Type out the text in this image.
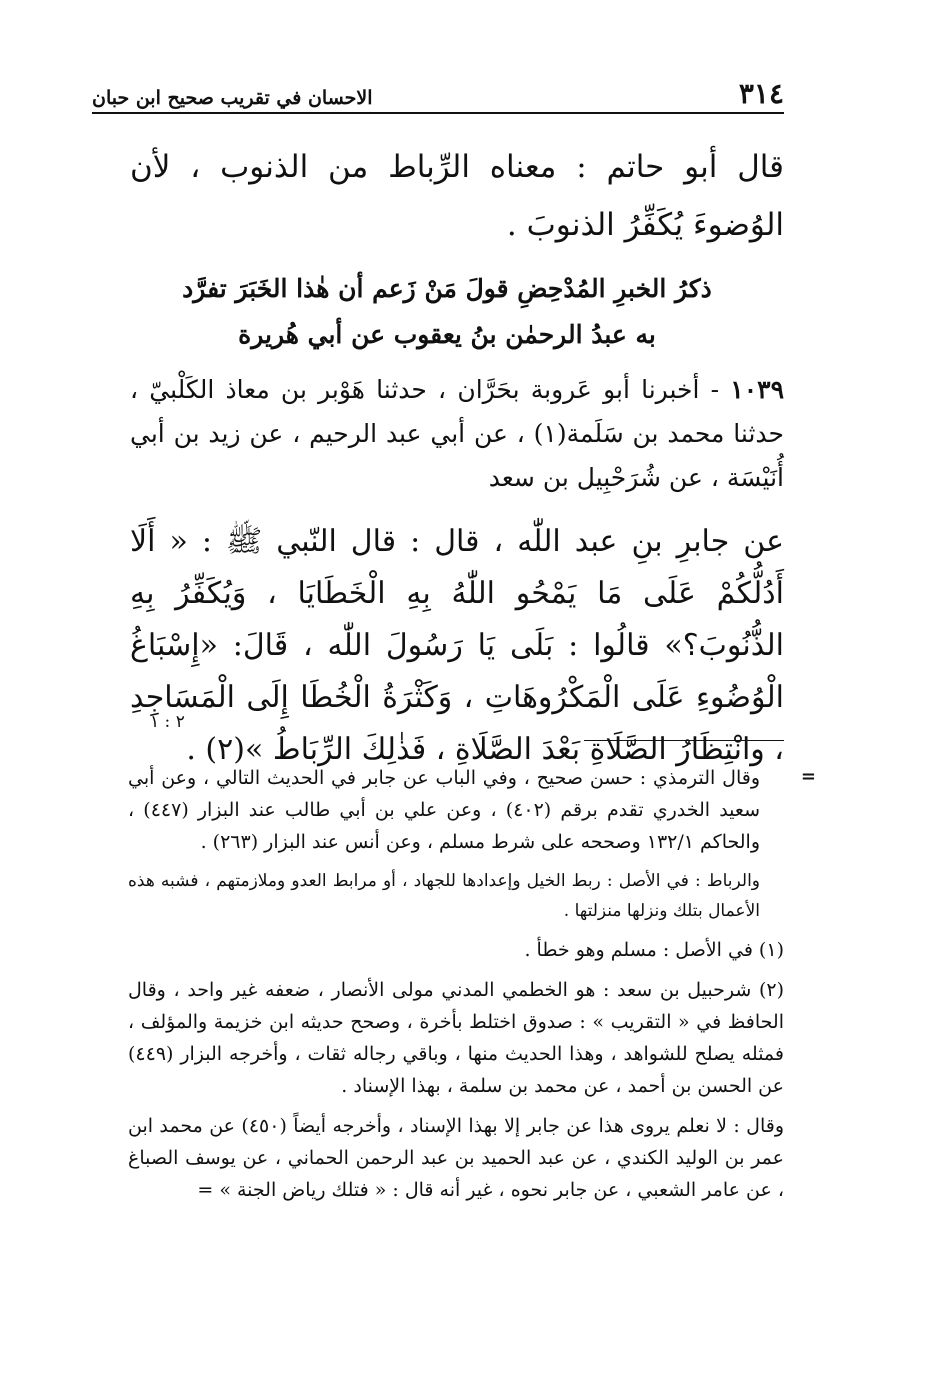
٣١٤
الاحسان في تقريب صحيح ابن حبان
قال أبو حاتم : معناه الرِّباط من الذنوب ، لأن الوُضوءَ يُكَفِّرُ الذنوبَ .
ذكرُ الخبرِ المُدْحِضِ قولَ مَنْ زَعم أن هٰذا الخَبَرَ تفرَّد
به عبدُ الرحمٰن بنُ يعقوب عن أبي هُريرة
١٠٣٩ - أخبرنا أبو عَروبة بحَرَّان ، حدثنا هَوْبر بن معاذ الكَلْبيّ ، حدثنا محمد بن سَلَمة(١) ، عن أبي عبد الرحيم ، عن زيد بن أبي أُنَيْسَة ، عن شُرَحْبِيل بن سعد
عن جابرِ بنِ عبد اللّٰه ، قال : قال النّبي ﷺ : « أَلَا أَدُلُّكُمْ عَلَى مَا يَمْحُو اللّٰهُ بِهِ الْخَطَايَا ، وَيُكَفِّرُ بِهِ الذُّنُوبَ؟» قالُوا : بَلَى يَا رَسُولَ اللّٰه ، قَالَ: «إِسْبَاغُ الْوُضُوءِ عَلَى الْمَكْرُوهَاتِ ، وَكَثْرَةُ الْخُطَا إِلَى الْمَسَاجِدِ ، وانْتِظَارُ الصَّلَاةِ بَعْدَ الصَّلَاةِ ، فَذٰلِكَ الرِّبَاطُ »(٢) .
٢ : ١
=

وقال الترمذي : حسن صحيح ، وفي الباب عن جابر في الحديث التالي ، وعن أبي سعيد الخدري تقدم برقم (٤٠٢) ، وعن علي بن أبي طالب عند البزار (٤٤٧) ، والحاكم ١٣٢/١ وصححه على شرط مسلم ، وعن أنس عند البزار (٢٦٣) .

والرباط : في الأصل : ربط الخيل وإعدادها للجهاد ، أو مرابط العدو وملازمتهم ، فشبه هذه الأعمال بتلك ونزلها منزلتها .

(١) في الأصل : مسلم وهو خطأ .

(٢) شرحبيل بن سعد : هو الخطمي المدني مولى الأنصار ، ضعفه غير واحد ، وقال الحافظ في « التقريب » : صدوق اختلط بأخرة ، وصحح حديثه ابن خزيمة والمؤلف ، فمثله يصلح للشواهد ، وهذا الحديث منها ، وباقي رجاله ثقات ، وأخرجه البزار (٤٤٩) عن الحسن بن أحمد ، عن محمد بن سلمة ، بهذا الإسناد .

وقال : لا نعلم يروى هذا عن جابر إلا بهذا الإسناد ، وأخرجه أيضاً (٤٥٠) عن محمد ابن عمر بن الوليد الكندي ، عن عبد الحميد بن عبد الرحمن الحماني ، عن يوسف الصباغ ، عن عامر الشعبي ، عن جابر نحوه ، غير أنه قال : « فتلك رياض الجنة » =
